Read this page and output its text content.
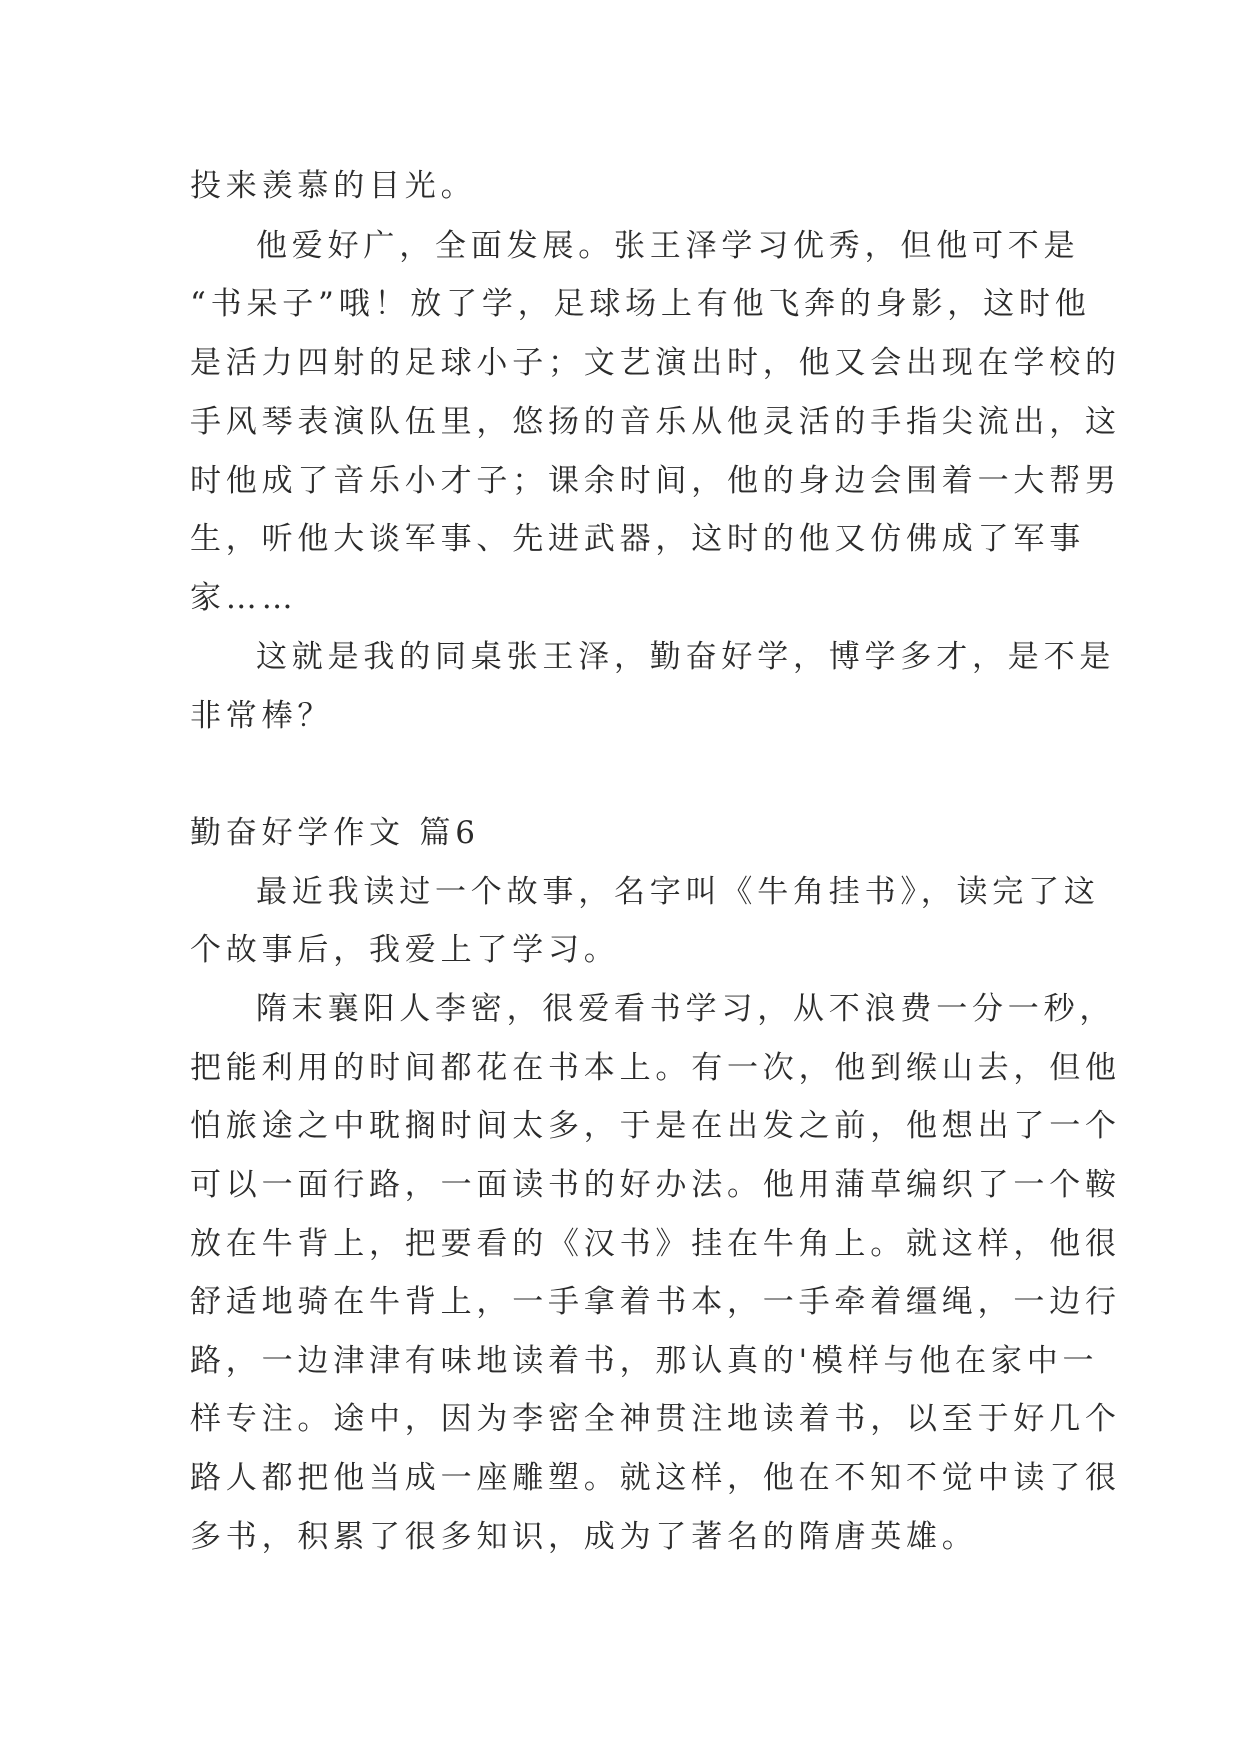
投来羡慕的目光。
他爱好广，全面发展。张王泽学习优秀，但他可不是
“书呆子”哦！放了学，足球场上有他飞奔的身影，这时他
是活力四射的足球小子；文艺演出时，他又会出现在学校的
手风琴表演队伍里，悠扬的音乐从他灵活的手指尖流出，这
时他成了音乐小才子；课余时间，他的身边会围着一大帮男
生，听他大谈军事、先进武器，这时的他又仿佛成了军事
家……
这就是我的同桌张王泽，勤奋好学，博学多才，是不是
非常棒？
勤奋好学作文 篇6
最近我读过一个故事，名字叫《牛角挂书》，读完了这
个故事后，我爱上了学习。
隋末襄阳人李密，很爱看书学习，从不浪费一分一秒，
把能利用的时间都花在书本上。有一次，他到缑山去，但他
怕旅途之中耽搁时间太多，于是在出发之前，他想出了一个
可以一面行路，一面读书的好办法。他用蒲草编织了一个鞍
放在牛背上，把要看的《汉书》挂在牛角上。就这样，他很
舒适地骑在牛背上，一手拿着书本，一手牵着缰绳，一边行
路，一边津津有味地读着书，那认真的'模样与他在家中一
样专注。途中，因为李密全神贯注地读着书，以至于好几个
路人都把他当成一座雕塑。就这样，他在不知不觉中读了很
多书，积累了很多知识，成为了著名的隋唐英雄。
